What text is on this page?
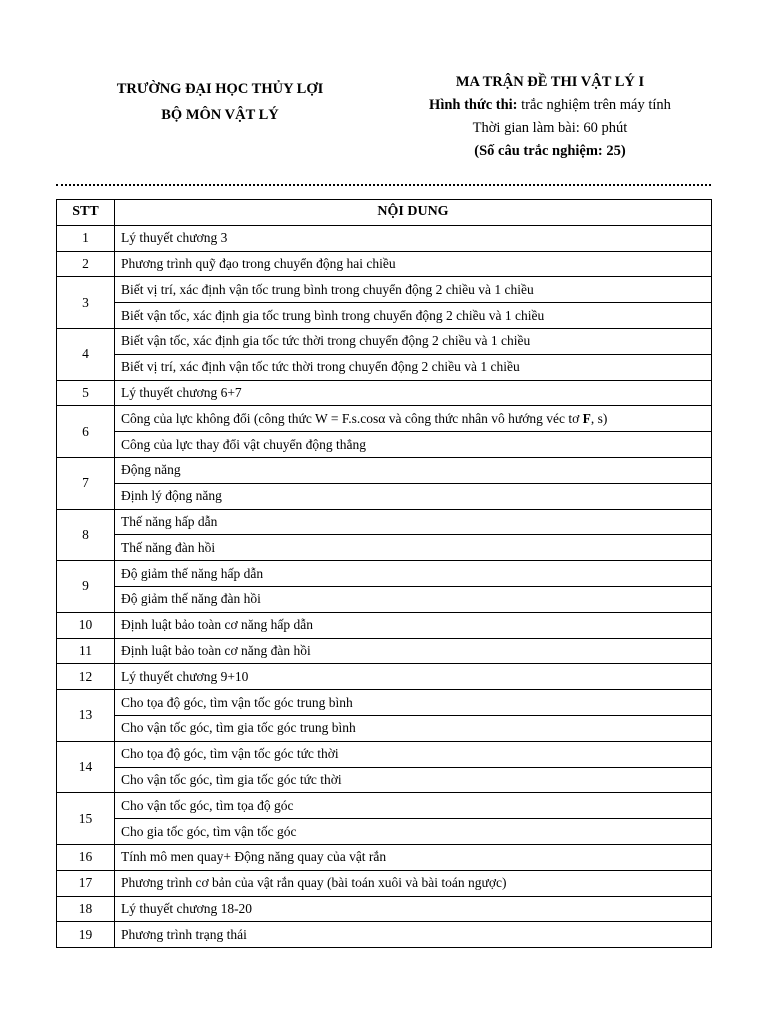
TRƯỜNG ĐẠI HỌC THỦY LỢI
BỘ MÔN VẬT LÝ
MA TRẬN ĐỀ THI VẬT LÝ I
Hình thức thi: trắc nghiệm trên máy tính
Thời gian làm bài: 60 phút
(Số câu trắc nghiệm: 25)
STT	NỘI DUNG
1	Lý thuyết chương 3
2	Phương trình quỹ đạo trong chuyển động hai chiều
3	Biết vị trí, xác định vận tốc trung bình trong chuyển động 2 chiều và 1 chiều
	Biết vận tốc, xác định gia tốc trung bình trong chuyển động 2 chiều và 1 chiều
4	Biết vận tốc, xác định gia tốc tức thời trong chuyển động 2 chiều và 1 chiều
	Biết vị trí, xác định vận tốc tức thời trong chuyển động 2 chiều và 1 chiều
5	Lý thuyết chương 6+7
6	Công của lực không đổi (công thức W = F.s.cosα và công thức nhân vô hướng véc tơ F, s)
	Công của lực thay đổi vật chuyển động thẳng
7	Động năng
	Định lý động năng
8	Thế năng hấp dẫn
	Thế năng đàn hồi
9	Độ giảm thế năng hấp dẫn
	Độ giảm thế năng đàn hồi
10	Định luật bảo toàn cơ năng hấp dẫn
11	Định luật bảo toàn cơ năng đàn hồi
12	Lý thuyết chương 9+10
13	Cho tọa độ góc, tìm vận tốc góc trung bình
	Cho vận tốc góc, tìm gia tốc góc trung bình
14	Cho tọa độ góc, tìm vận tốc góc tức thời
	Cho vận tốc góc, tìm gia tốc góc tức thời
15	Cho vận tốc góc, tìm tọa độ góc
	Cho gia tốc góc, tìm vận tốc góc
16	Tính mô men quay+ Động năng quay của vật rắn
17	Phương trình cơ bản của vật rắn quay (bài toán xuôi và bài toán ngược)
18	Lý thuyết chương 18-20
19	Phương trình trạng thái
